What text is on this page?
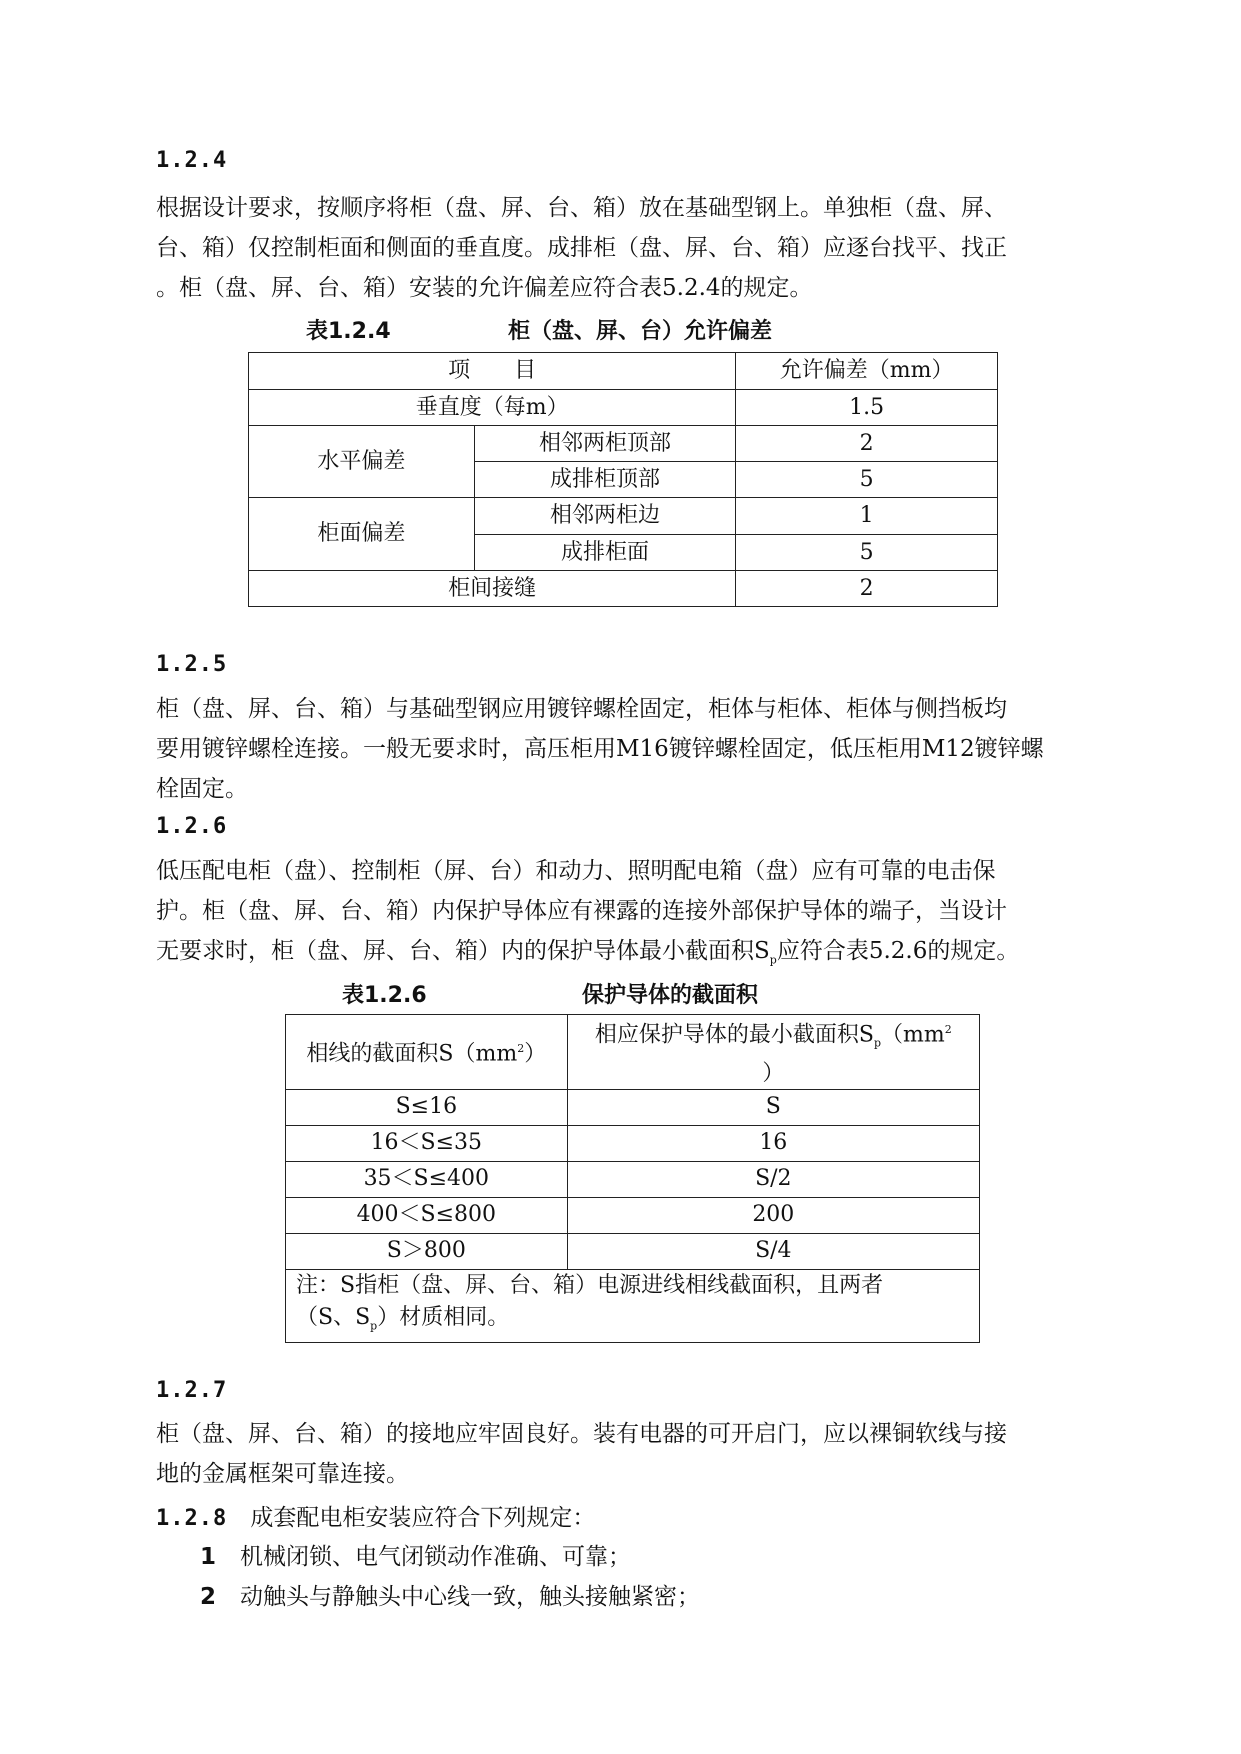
1.2.4
根据设计要求，按顺序将柜（盘、屏、台、箱）放在基础型钢上。单独柜（盘、屏、
台、箱）仅控制柜面和侧面的垂直度。成排柜（盘、屏、台、箱）应逐台找平、找正
。柜（盘、屏、台、箱）安装的允许偏差应符合表5.2.4的规定。
表1.2.4	柜（盘、屏、台）允许偏差
项　　目		允许偏差（mm）
垂直度（每m）		1.5
水平偏差	相邻两柜顶部	2
	成排柜顶部	5
柜面偏差	相邻两柜边	1
	成排柜面	5
柜间接缝		2
1.2.5
柜（盘、屏、台、箱）与基础型钢应用镀锌螺栓固定，柜体与柜体、柜体与侧挡板均
要用镀锌螺栓连接。一般无要求时，高压柜用M16镀锌螺栓固定，低压柜用M12镀锌螺
栓固定。
1.2.6
低压配电柜（盘）、控制柜（屏、台）和动力、照明配电箱（盘）应有可靠的电击保
护。柜（盘、屏、台、箱）内保护导体应有裸露的连接外部保护导体的端子，当设计
无要求时，柜（盘、屏、台、箱）内的保护导体最小截面积$S_p$应符合表5.2.6的规定。
表1.2.6	保护导体的截面积
相线的截面积$S(mm^2)$	相应保护导体的最小截面积$S_p(mm^2$
）
S≤16	S
16＜S≤35	16
35＜S≤400	S/2
400＜S≤800	200
S＞800	S/4
注：S指柜（盘、屏、台、箱）电源进线相线截面积，且两者
（S、$S_p$）材质相同。	
1.2.7
柜（盘、屏、台、箱）的接地应牢固良好。装有电器的可开启门，应以裸铜软线与接
地的金属框架可靠连接。
1.2.8 成套配电柜安装应符合下列规定：
1 机械闭锁、电气闭锁动作准确、可靠；
2 动触头与静触头中心线一致，触头接触紧密；
